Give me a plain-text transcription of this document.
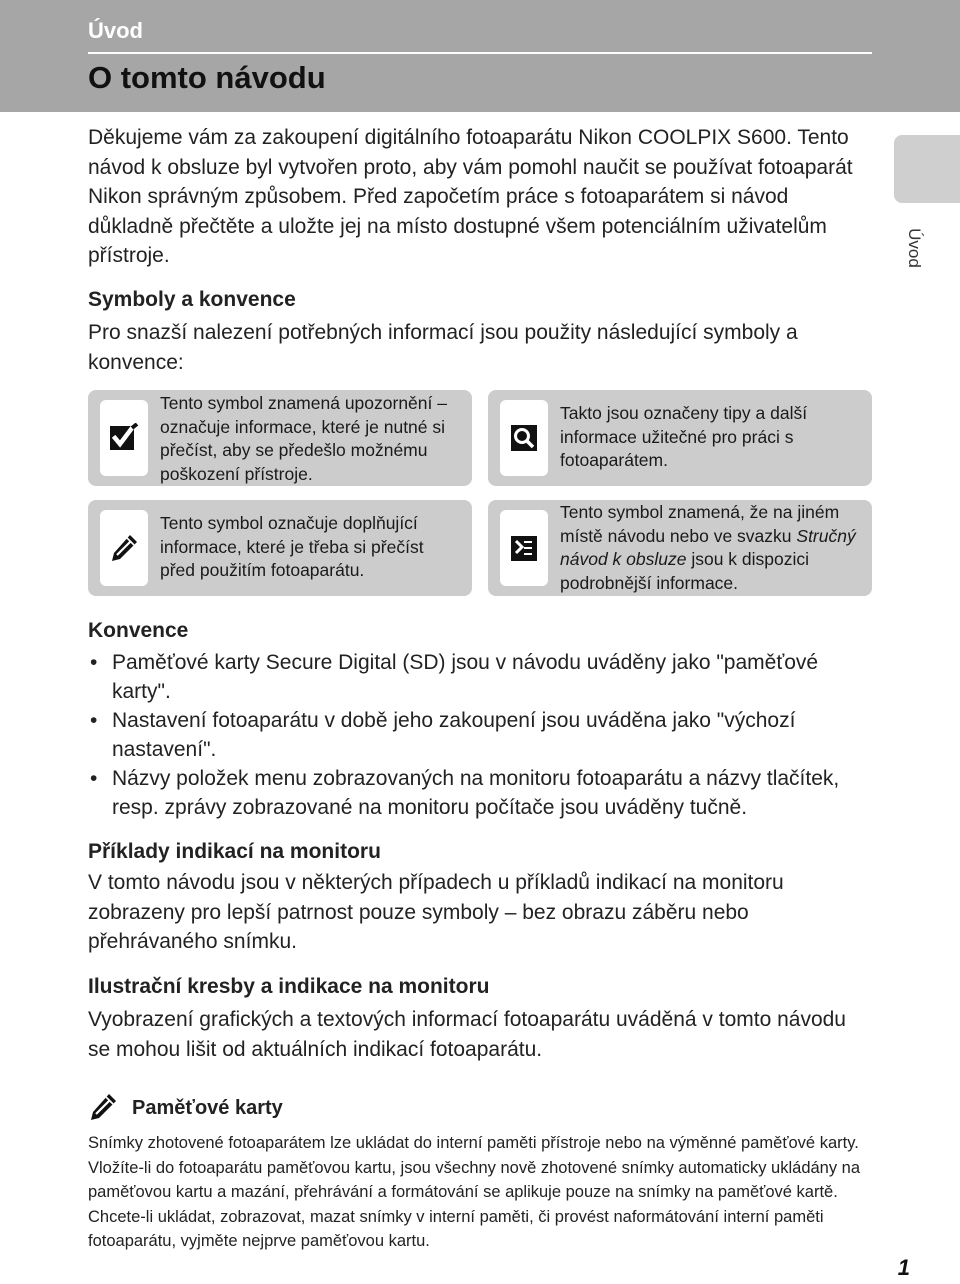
Úvod
O tomto návodu
Úvod
Děkujeme vám za zakoupení digitálního fotoaparátu Nikon COOLPIX S600. Tento návod k obsluze byl vytvořen proto, aby vám pomohl naučit se používat fotoaparát Nikon správným způsobem. Před započetím práce s fotoaparátem si návod důkladně přečtěte a uložte jej na místo dostupné všem potenciálním uživatelům přístroje.
Symboly a konvence
Pro snazší nalezení potřebných informací jsou použity následující symboly a konvence:
Tento symbol znamená upozornění – označuje informace, které je nutné si přečíst, aby se předešlo možnému poškození přístroje.
Takto jsou označeny tipy a další informace užitečné pro práci s fotoaparátem.
Tento symbol označuje doplňující informace, které je třeba si přečíst před použitím fotoaparátu.
Tento symbol znamená, že na jiném místě návodu nebo ve svazku Stručný návod k obsluze jsou k dispozici podrobnější informace.
Konvence
• Paměťové karty Secure Digital (SD) jsou v návodu uváděny jako "paměťové karty".
• Nastavení fotoaparátu v době jeho zakoupení jsou uváděna jako "výchozí nastavení".
• Názvy položek menu zobrazovaných na monitoru fotoaparátu a názvy tlačítek, resp. zprávy zobrazované na monitoru počítače jsou uváděny tučně.
Příklady indikací na monitoru
V tomto návodu jsou v některých případech u příkladů indikací na monitoru zobrazeny pro lepší patrnost pouze symboly – bez obrazu záběru nebo přehrávaného snímku.
Ilustrační kresby a indikace na monitoru
Vyobrazení grafických a textových informací fotoaparátu uváděná v tomto návodu se mohou lišit od aktuálních indikací fotoaparátu.
Paměťové karty
Snímky zhotovené fotoaparátem lze ukládat do interní paměti přístroje nebo na výměnné paměťové karty. Vložíte-li do fotoaparátu paměťovou kartu, jsou všechny nově zhotovené snímky automaticky ukládány na paměťovou kartu a mazání, přehrávání a formátování se aplikuje pouze na snímky na paměťové kartě. Chcete-li ukládat, zobrazovat, mazat snímky v interní paměti, či provést naformátování interní paměti fotoaparátu, vyjměte nejprve paměťovou kartu.
1
